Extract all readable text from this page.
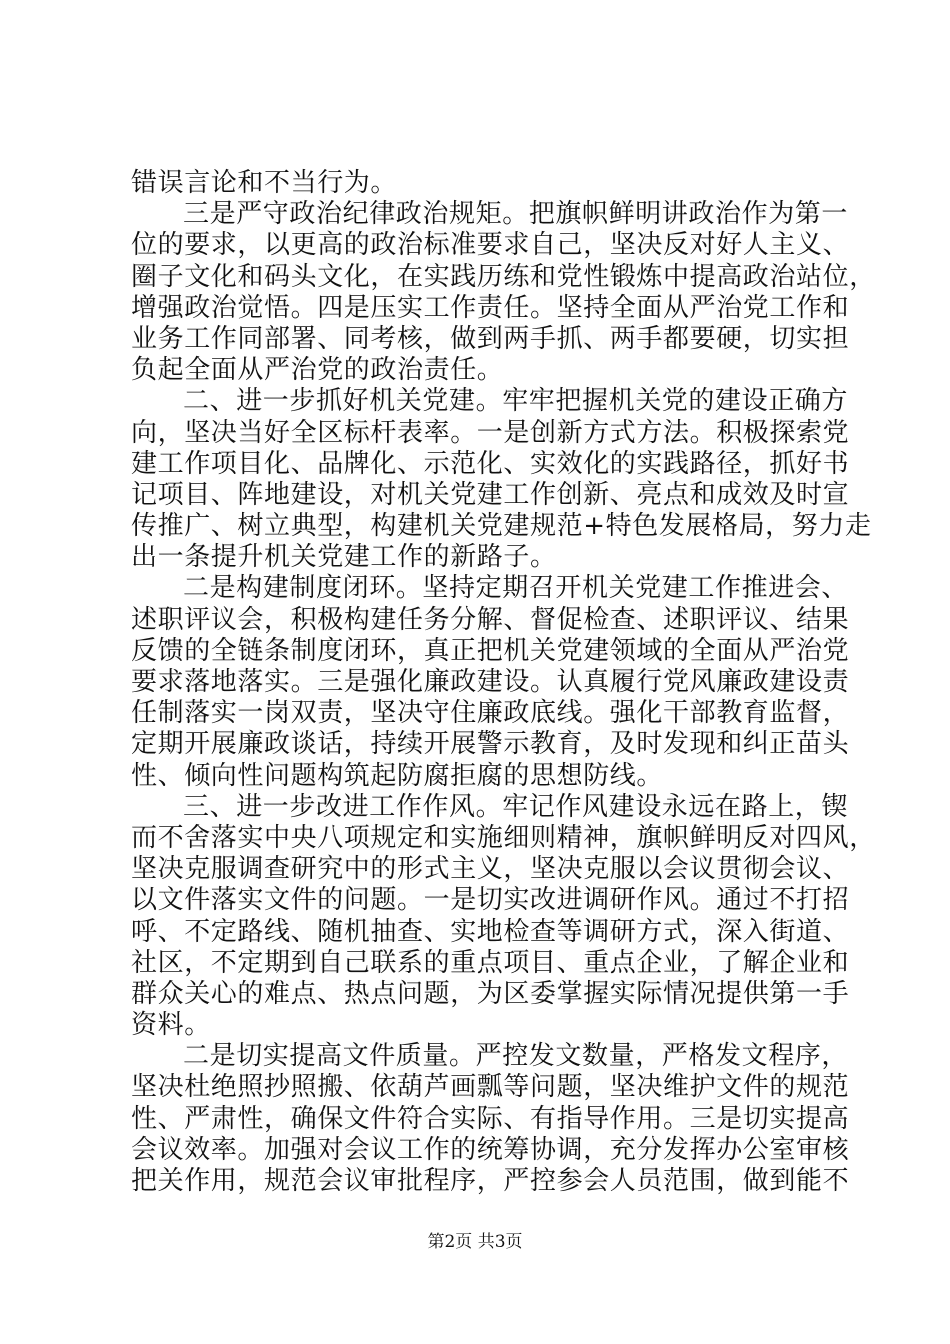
错误言论和不当行为。
三是严守政治纪律政治规矩。把旗帜鲜明讲政治作为第一
位的要求，以更高的政治标准要求自己，坚决反对好人主义、
圈子文化和码头文化，在实践历练和党性锻炼中提高政治站位，
增强政治觉悟。四是压实工作责任。坚持全面从严治党工作和
业务工作同部署、同考核，做到两手抓、两手都要硬，切实担
负起全面从严治党的政治责任。
二、进一步抓好机关党建。牢牢把握机关党的建设正确方
向，坚决当好全区标杆表率。一是创新方式方法。积极探索党
建工作项目化、品牌化、示范化、实效化的实践路径，抓好书
记项目、阵地建设，对机关党建工作创新、亮点和成效及时宣
传推广、树立典型，构建机关党建规范+特色发展格局，努力走
出一条提升机关党建工作的新路子。
二是构建制度闭环。坚持定期召开机关党建工作推进会、
述职评议会，积极构建任务分解、督促检查、述职评议、结果
反馈的全链条制度闭环，真正把机关党建领域的全面从严治党
要求落地落实。三是强化廉政建设。认真履行党风廉政建设责
任制落实一岗双责，坚决守住廉政底线。强化干部教育监督，
定期开展廉政谈话，持续开展警示教育，及时发现和纠正苗头
性、倾向性问题构筑起防腐拒腐的思想防线。
三、进一步改进工作作风。牢记作风建设永远在路上，锲
而不舍落实中央八项规定和实施细则精神，旗帜鲜明反对四风，
坚决克服调查研究中的形式主义，坚决克服以会议贯彻会议、
以文件落实文件的问题。一是切实改进调研作风。通过不打招
呼、不定路线、随机抽查、实地检查等调研方式，深入街道、
社区，不定期到自己联系的重点项目、重点企业，了解企业和
群众关心的难点、热点问题，为区委掌握实际情况提供第一手
资料。
二是切实提高文件质量。严控发文数量，严格发文程序，
坚决杜绝照抄照搬、依葫芦画瓢等问题，坚决维护文件的规范
性、严肃性，确保文件符合实际、有指导作用。三是切实提高
会议效率。加强对会议工作的统筹协调，充分发挥办公室审核
把关作用，规范会议审批程序，严控参会人员范围，做到能不
第2页 共3页
